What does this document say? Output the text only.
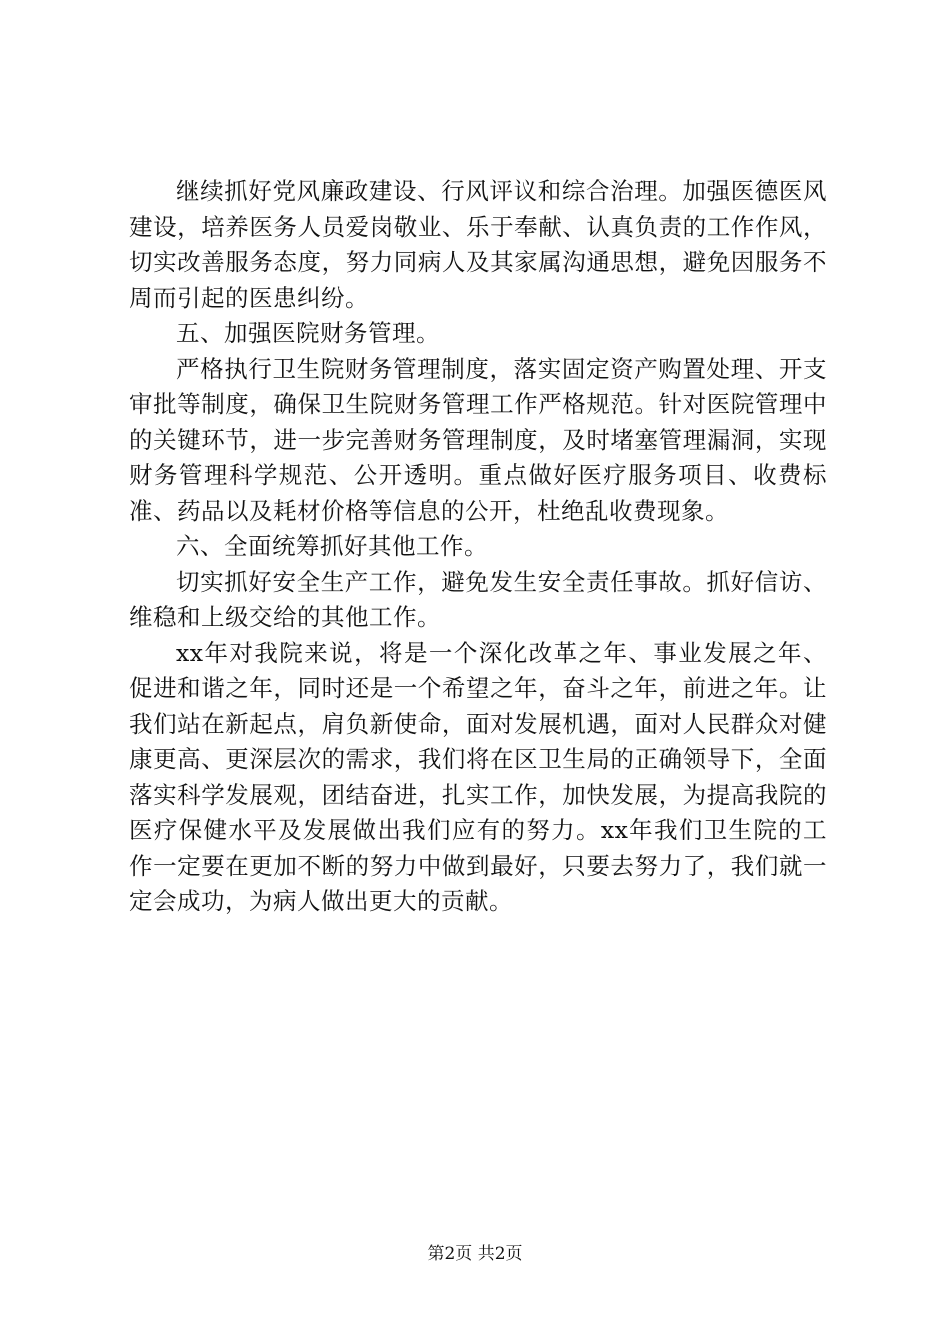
继续抓好党风廉政建设、行风评议和综合治理。加强医德医风建设，培养医务人员爱岗敬业、乐于奉献、认真负责的工作作风，切实改善服务态度，努力同病人及其家属沟通思想，避免因服务不周而引起的医患纠纷。

五、加强医院财务管理。

严格执行卫生院财务管理制度，落实固定资产购置处理、开支审批等制度，确保卫生院财务管理工作严格规范。针对医院管理中的关键环节，进一步完善财务管理制度，及时堵塞管理漏洞，实现财务管理科学规范、公开透明。重点做好医疗服务项目、收费标准、药品以及耗材价格等信息的公开，杜绝乱收费现象。

六、全面统筹抓好其他工作。

切实抓好安全生产工作，避免发生安全责任事故。抓好信访、维稳和上级交给的其他工作。

xx年对我院来说，将是一个深化改革之年、事业发展之年、促进和谐之年，同时还是一个希望之年，奋斗之年，前进之年。让我们站在新起点，肩负新使命，面对发展机遇，面对人民群众对健康更高、更深层次的需求，我们将在区卫生局的正确领导下，全面落实科学发展观，团结奋进，扎实工作，加快发展，为提高我院的医疗保健水平及发展做出我们应有的努力。xx年我们卫生院的工作一定要在更加不断的努力中做到最好，只要去努力了，我们就一定会成功，为病人做出更大的贡献。

第2页 共2页
